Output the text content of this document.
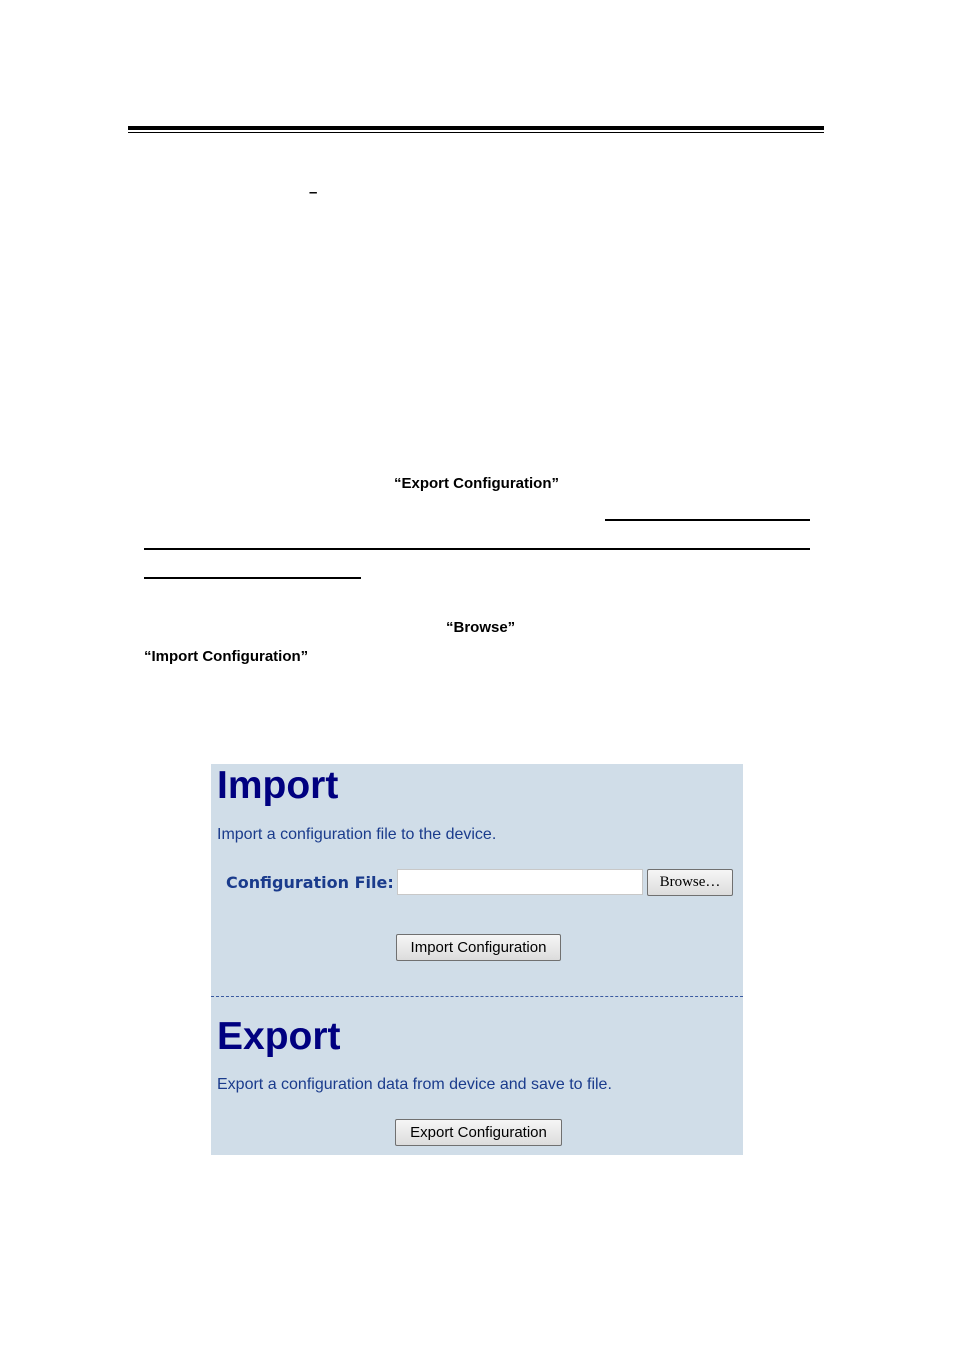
–
“Export Configuration”
“Browse”
“Import Configuration”
Import

Import a configuration file to the device.

Configuration File:	Browse…
Import Configuration
Export

Export a configuration data from device and save to file.

Export Configuration
